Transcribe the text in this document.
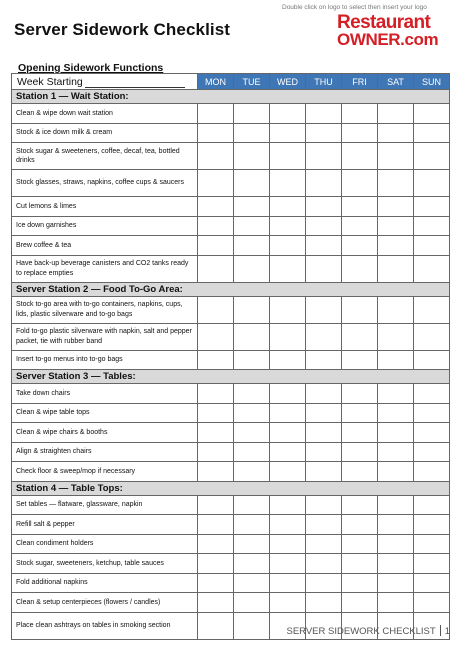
Server Sidework Checklist
Double click on logo to select then insert your logo
Restaurant
OWNER.com
Opening Sidework Functions
Week Starting	MON	TUE	WED	THU	FRI	SAT	SUN
Station 1 — Wait Station:							
Clean & wipe down wait station							
Stock & ice down milk & cream							
Stock sugar & sweeteners, coffee, decaf, tea, bottled drinks							
Stock glasses, straws, napkins, coffee cups & saucers							
Cut lemons & limes							
Ice down garnishes							
Brew coffee & tea							
Have back-up beverage canisters and CO2 tanks ready to replace empties							
Server Station 2 — Food To-Go Area:							
Stock to-go area with to-go containers, napkins, cups, lids, plastic silverware and to-go bags							
Fold to-go plastic silverware with napkin, salt and pepper packet, tie with rubber band							
Insert to-go menus into to-go bags							
Server Station 3 — Tables:							
Take down chairs							
Clean & wipe table tops							
Clean & wipe chairs & booths							
Align & straighten chairs							
Check floor & sweep/mop if necessary							
Station 4 — Table Tops:							
Set tables — flatware, glassware, napkin							
Refill salt & pepper							
Clean condiment holders							
Stock sugar, sweeteners, ketchup, table sauces							
Fold additional napkins							
Clean & setup centerpieces (flowers / candles)							
Place clean ashtrays on tables in smoking section							
SERVER SIDEWORK CHECKLIST 1
